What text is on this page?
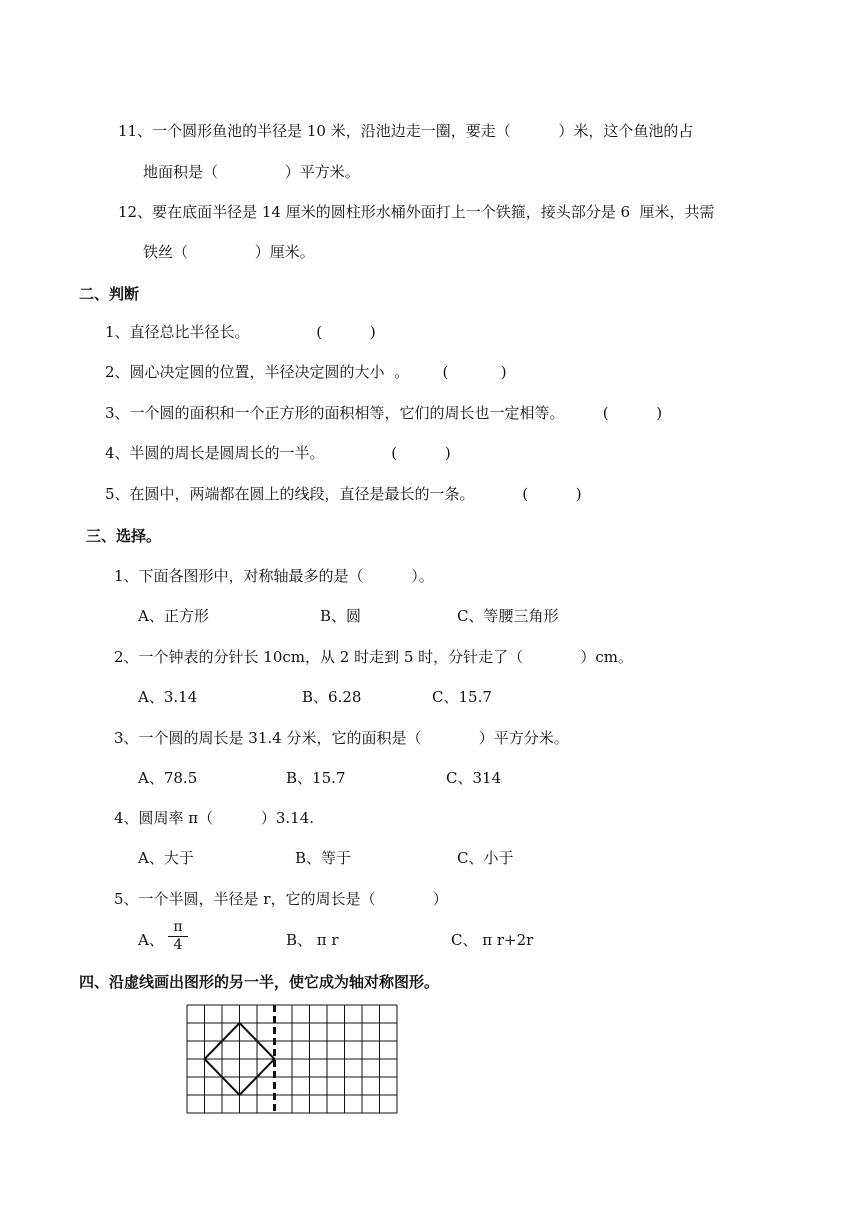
11、一个圆形鱼池的半径是 10 米，沿池边走一圈，要走（          ）米，这个鱼池的占
地面积是（              ）平方米。
12、要在底面半径是 14 厘米的圆柱形水桶外面打上一个铁箍，接头部分是 6  厘米，共需
铁丝（              ）厘米。
二、判断
1、直径总比半径长。              (          )
2、圆心决定圆的位置，半径决定圆的大小  。       (           )
3、一个圆的面积和一个正方形的面积相等，它们的周长也一定相等。        (          )
4、半圆的周长是圆周长的一半。              (          )
5、在圆中，两端都在圆上的线段，直径是最长的一条。          (          )
三、选择。
1、下面各图形中，对称轴最多的是（          ）。
A、正方形	B、圆	C、等腰三角形
2、一个钟表的分针长 10cm，从 2 时走到 5 时，分针走了（            ）cm。
A、3.14	B、6.28	C、15.7
3、一个圆的周长是 31.4 分米，它的面积是（            ）平方分米。
A、78.5	B、15.7	C、314
4、圆周率 π（          ）3.14.
A、大于	B、等于	C、小于
5、一个半圆，半径是 r，它的周长是（            ）
A、 $\frac{\pi}{4}$	B、 π r	C、 π r+2r
四、沿虚线画出图形的另一半，使它成为轴对称图形。
